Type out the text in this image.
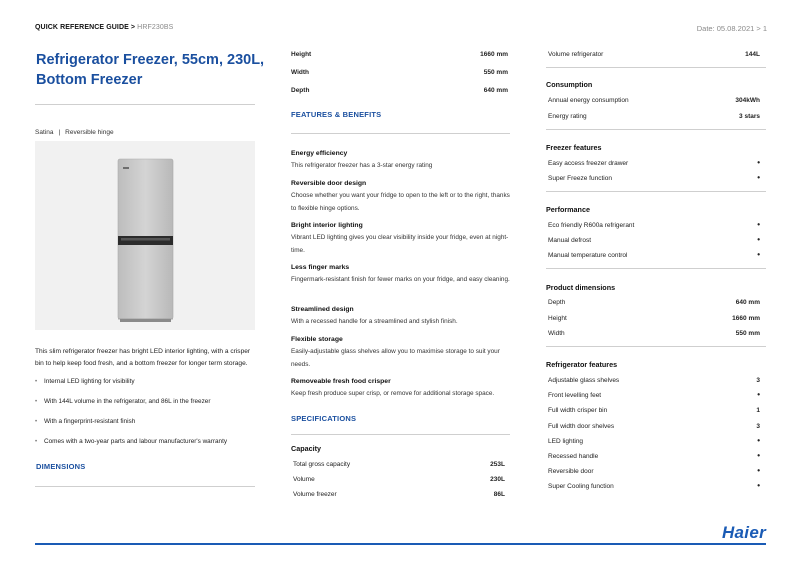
QUICK REFERENCE GUIDE > HRF230BS	Date: 05.08.2021 > 1
Refrigerator Freezer, 55cm, 230L, Bottom Freezer
Satina | Reversible hinge
This slim refrigerator freezer has bright LED interior lighting, with a crisper bin to help keep food fresh, and a bottom freezer for longer term storage.
• Internal LED lighting for visibility
• With 144L volume in the refrigerator, and 86L in the freezer
• With a fingerprint-resistant finish
• Comes with a two-year parts and labour manufacturer's warranty
DIMENSIONS
Height	1660 mm
Width	550 mm
Depth	640 mm
FEATURES & BENEFITS
Energy efficiency

This refrigerator freezer has a 3-star energy rating

Reversible door design

Choose whether you want your fridge to open to the left or to the right, thanks to flexible hinge options.

Bright interior lighting

Vibrant LED lighting gives you clear visibility inside your fridge, even at night-time.

Less finger marks

Fingermark-resistant finish for fewer marks on your fridge, and easy cleaning.

Streamlined design

With a recessed handle for a streamlined and stylish finish.

Flexible storage

Easily-adjustable glass shelves allow you to maximise storage to suit your needs.

Removeable fresh food crisper

Keep fresh produce super crisp, or remove for additional storage space.

SPECIFICATIONS
Capacity
Total gross capacity	253L
Volume	230L
Volume freezer	86L
Volume refrigerator	144L
Consumption
Annual energy consumption	304kWh
Energy rating	3 stars
Freezer features
Easy access freezer drawer	•
Super Freeze function	•
Performance
Eco friendly R600a refrigerant	•
Manual defrost	•
Manual temperature control	•
Product dimensions
Depth	640 mm
Height	1660 mm
Width	550 mm
Refrigerator features
Adjustable glass shelves	3
Front levelling feet	•
Full width crisper bin	1
Full width door shelves	3
LED lighting	•
Recessed handle	•
Reversible door	•
Super Cooling function	•
Haier
